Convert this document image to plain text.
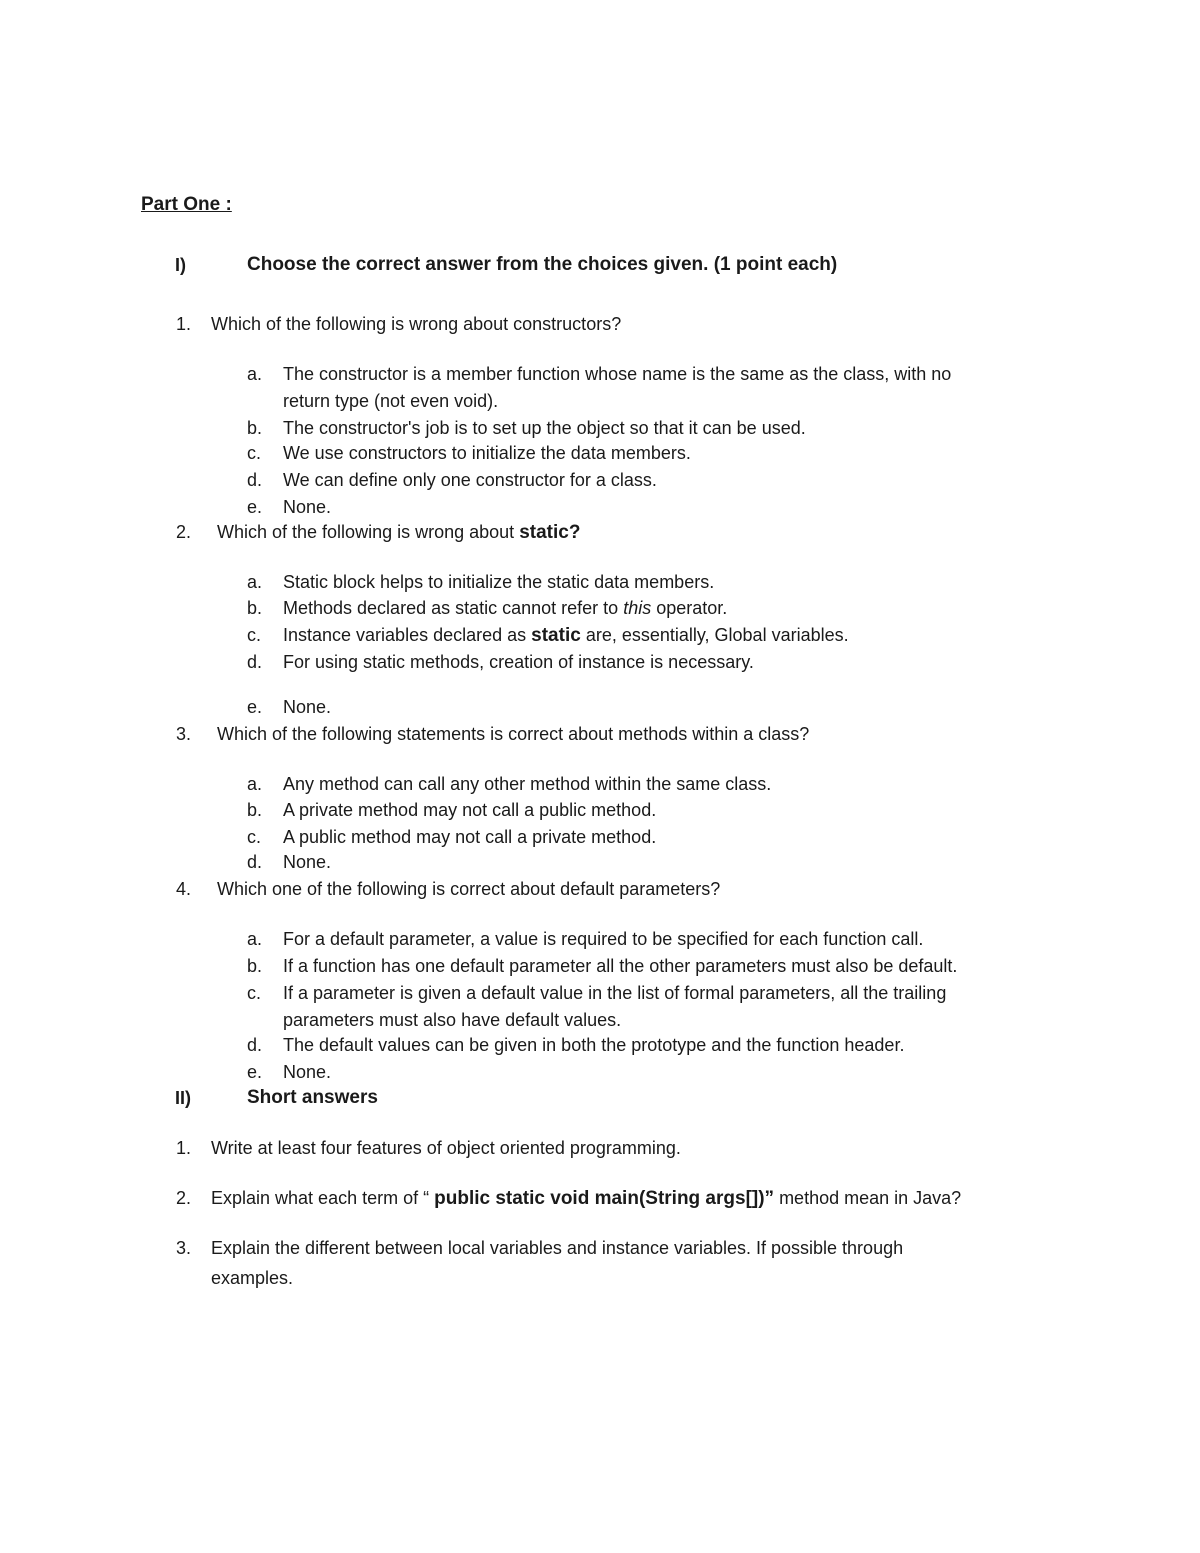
Part One :
I)	Choose the correct answer from the choices given. (1 point each)
1. Which of the following is wrong about constructors?
a. The constructor is a member function whose name is the same as the class, with no
return type (not even void).
b. The constructor's job is to set up the object so that it can be used.
c. We use constructors to initialize the data members.
d. We can define only one constructor for a class.
e. None.
2. Which of the following is wrong about static?
a. Static block helps to initialize the static data members.
b. Methods declared as static cannot refer to this operator.
c. Instance variables declared as static are, essentially, Global variables.
d. For using static methods, creation of instance is necessary.
e. None.
3. Which of the following statements is correct about methods within a class?
a. Any method can call any other method within the same class.
b. A private method may not call a public method.
c. A public method may not call a private method.
d. None.
4. Which one of the following is correct about default parameters?
a. For a default parameter, a value is required to be specified for each function call.
b. If a function has one default parameter all the other parameters must also be default.
c. If a parameter is given a default value in the list of formal parameters, all the trailing
parameters must also have default values.
d. The default values can be given in both the prototype and the function header.
e. None.
II)	Short answers
1. Write at least four features of object oriented programming.
2. Explain what each term of “ public static void main(String args[])” method mean in Java?
3. Explain the different between local variables and instance variables. If possible through
examples.
